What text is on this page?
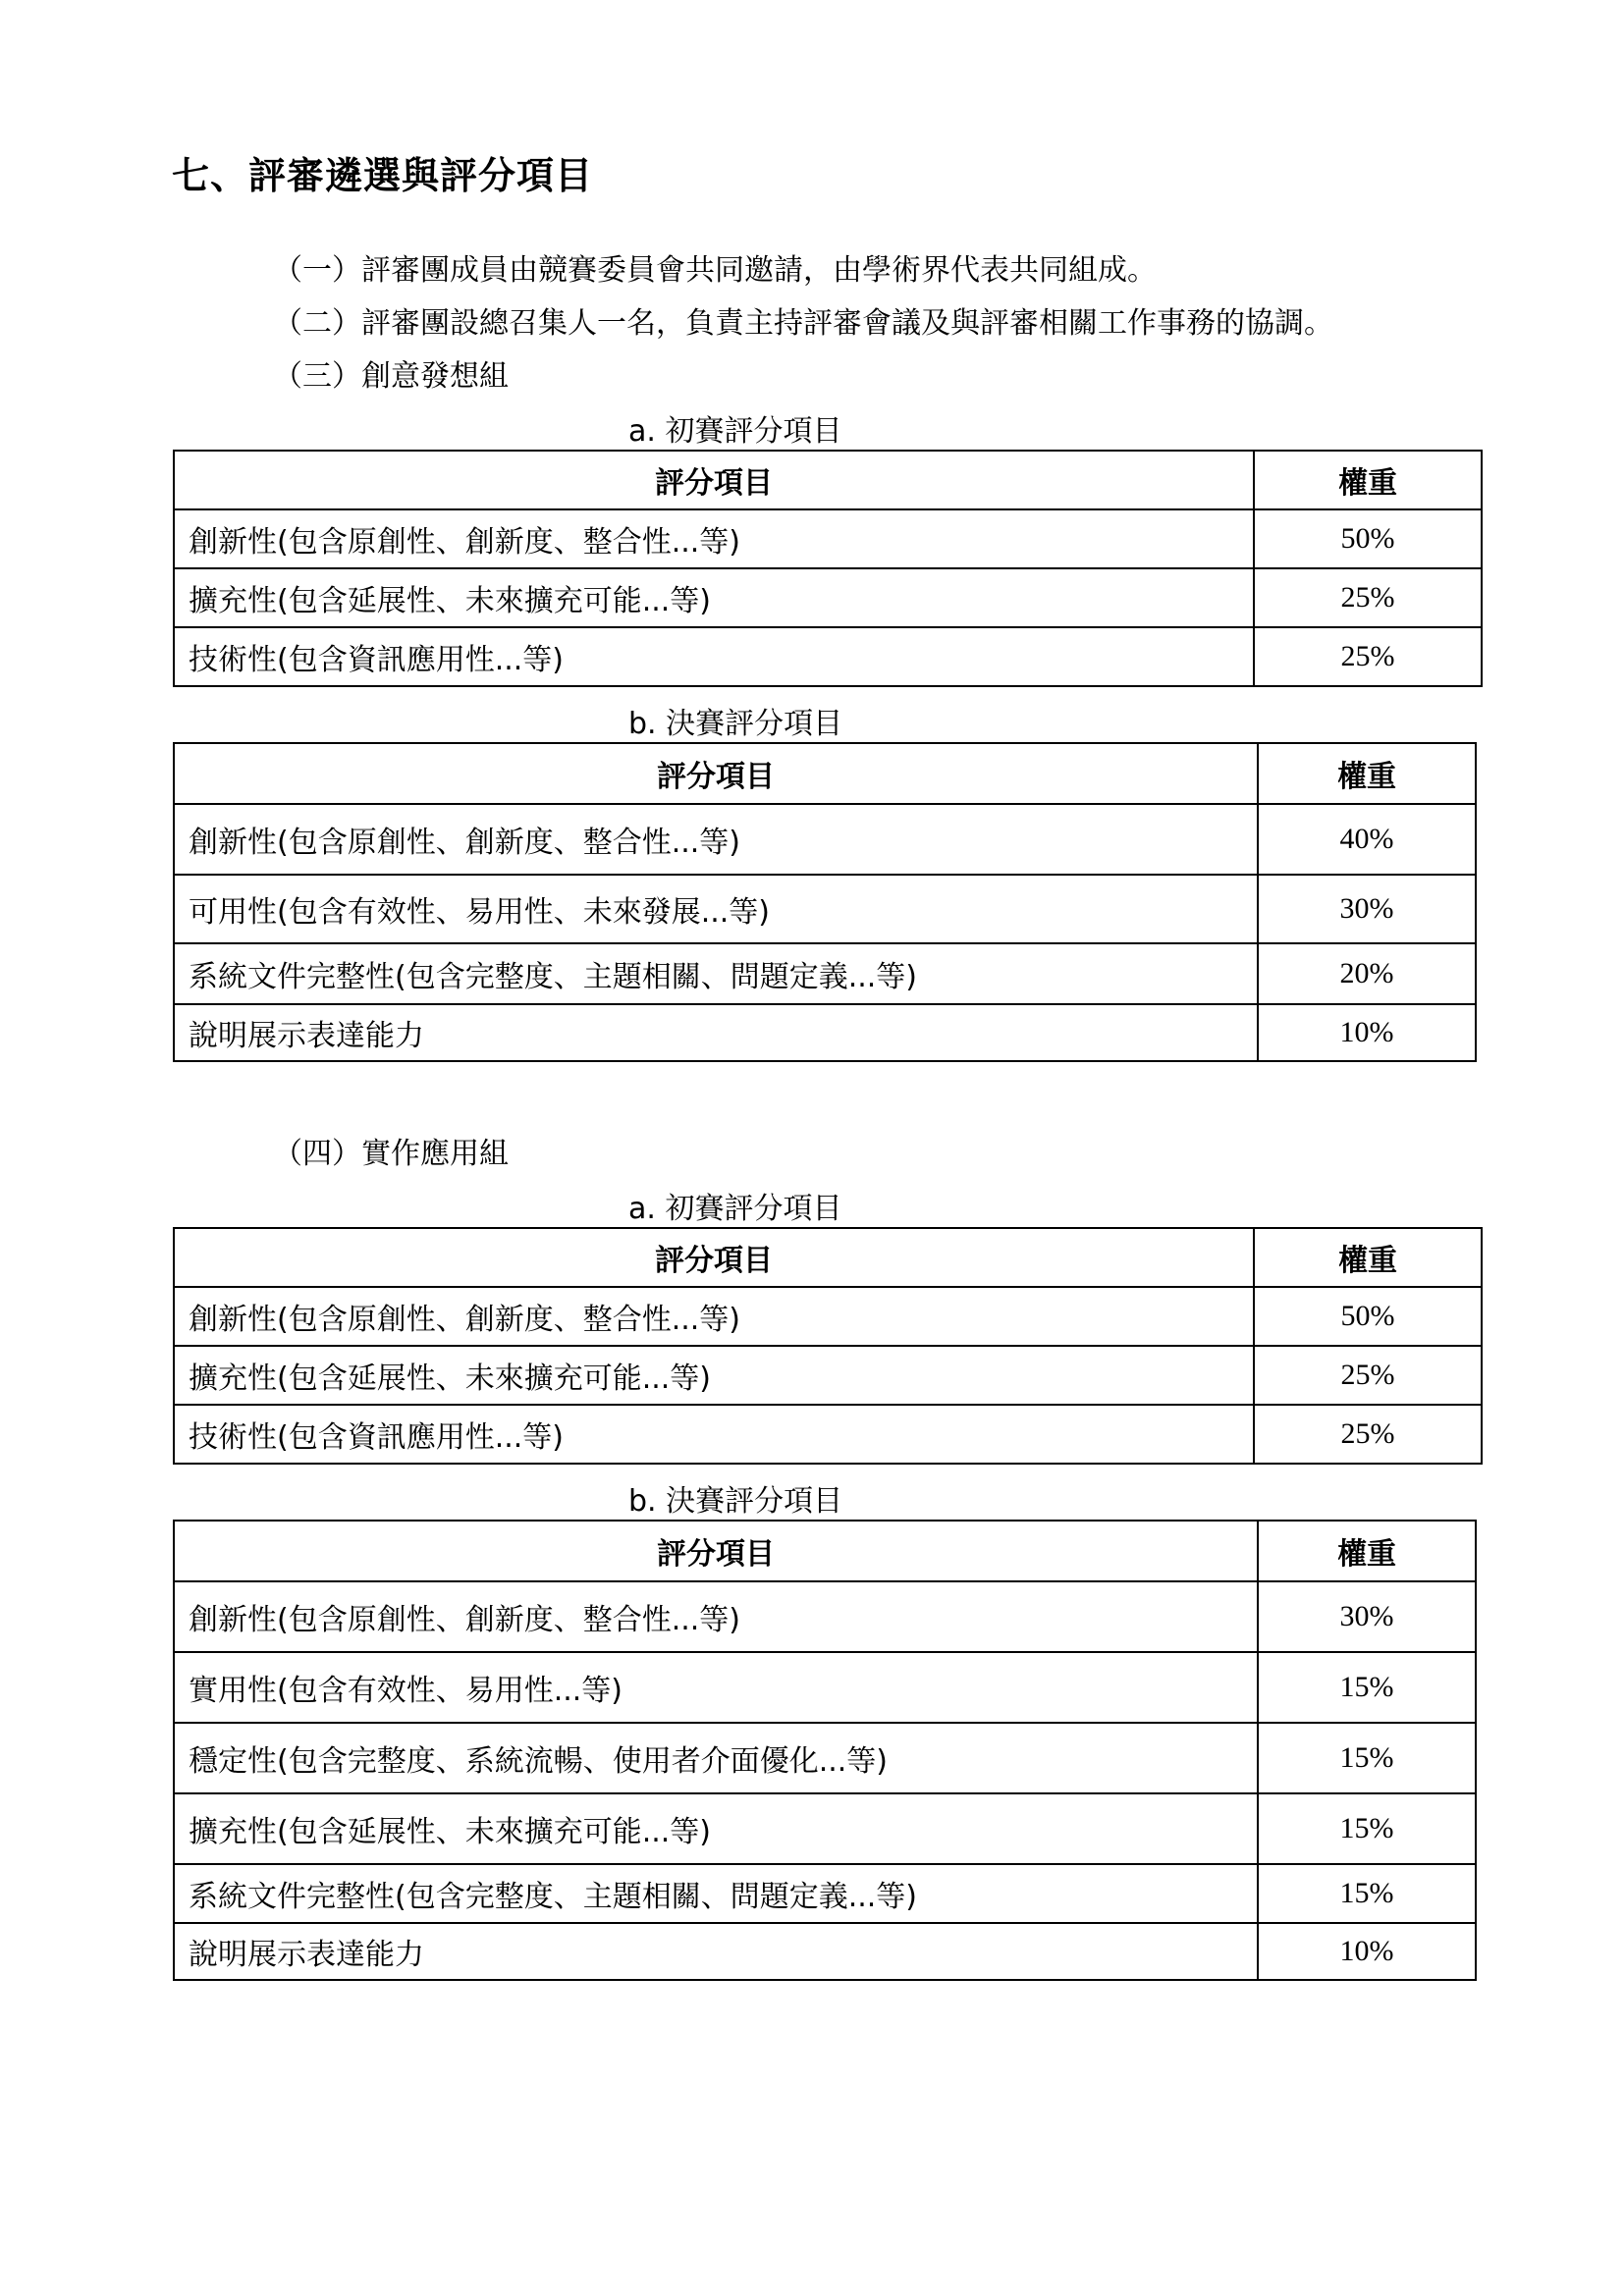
七、評審遴選與評分項目
（一）評審團成員由競賽委員會共同邀請，由學術界代表共同組成。
（二）評審團設總召集人一名，負責主持評審會議及與評審相關工作事務的協調。
（三）創意發想組
a. 初賽評分項目
評分項目	權重
創新性(包含原創性、創新度、整合性...等)	50%
擴充性(包含延展性、未來擴充可能...等)	25%
技術性(包含資訊應用性...等)	25%
b. 決賽評分項目
評分項目	權重
創新性(包含原創性、創新度、整合性...等)	40%
可用性(包含有效性、易用性、未來發展...等)	30%
系統文件完整性(包含完整度、主題相關、問題定義...等)	20%
說明展示表達能力	10%
（四）實作應用組
a. 初賽評分項目
評分項目	權重
創新性(包含原創性、創新度、整合性...等)	50%
擴充性(包含延展性、未來擴充可能...等)	25%
技術性(包含資訊應用性...等)	25%
b. 決賽評分項目
評分項目	權重
創新性(包含原創性、創新度、整合性...等)	30%
實用性(包含有效性、易用性...等)	15%
穩定性(包含完整度、系統流暢、使用者介面優化...等)	15%
擴充性(包含延展性、未來擴充可能...等)	15%
系統文件完整性(包含完整度、主題相關、問題定義...等)	15%
說明展示表達能力	10%
